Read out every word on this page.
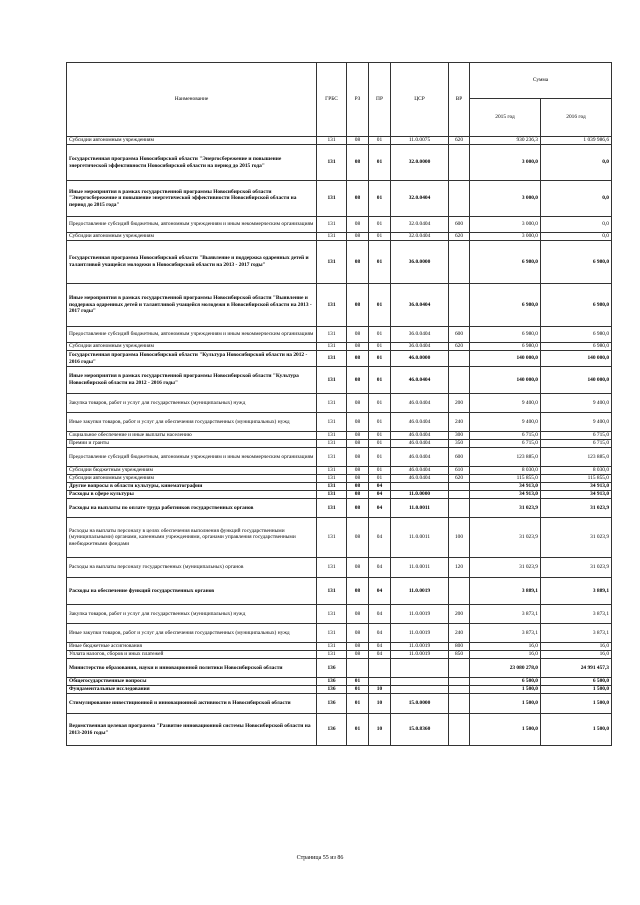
Наименование	ГРБС	РЗ	ПР	ЦСР	ВР	Сумма	
						2015 год	2016 год
Субсидии автономным учреждениям	131	08	01	11.0.0075	620	930 236,3	1 039 986,6
Государственная программа Новосибирской области "Энергосбережение и повышение энергетической эффективности Новосибирской области на период до 2015 года"	131	08	01	32.0.0000		3 000,0	0,0
Иные мероприятия в рамках государственной программы Новосибирской области "Энергосбережение и повышение энергетической эффективности Новосибирской области на период до 2015 года"	131	08	01	32.0.0404		3 000,0	0,0
Предоставление субсидий бюджетным, автономным учреждениям и иным некоммерческим организациям	131	08	01	32.0.0404	600	3 000,0	0,0
Субсидии автономным учреждениям	131	08	01	32.0.0404	620	3 000,0	0,0
Государственная программа Новосибирской области "Выявление и поддержка одаренных детей и талантливой учащейся молодежи в Новосибирской области на 2013 - 2017 годы"	131	08	01	36.0.0000		6 980,0	6 980,0
Иные мероприятия в рамках государственной программы Новосибирской области "Выявление и поддержка одаренных детей и талантливой учащейся молодежи в Новосибирской области на 2013 - 2017 годы"	131	08	01	36.0.0404		6 980,0	6 980,0
Предоставление субсидий бюджетным, автономным учреждениям и иным некоммерческим организациям	131	08	01	36.0.0404	600	6 980,0	6 980,0
Субсидии автономным учреждениям	131	08	01	36.0.0404	620	6 980,0	6 980,0
Государственная программа Новосибирской области "Культура Новосибирской области на 2012 - 2016 годы"	131	08	01	46.0.0000		140 000,0	140 000,0
Иные мероприятия в рамках государственной программы Новосибирской области "Культура Новосибирской области на 2012 - 2016 годы"	131	08	01	46.0.0404		140 000,0	140 000,0
Закупка товаров, работ и услуг для государственных (муниципальных) нужд	131	08	01	46.0.0404	200	9 400,0	9 400,0
Иные закупки товаров, работ и услуг для обеспечения государственных (муниципальных) нужд	131	08	01	46.0.0404	240	9 400,0	9 400,0
Социальное обеспечение и иные выплаты населению	131	08	01	46.0.0404	300	6 715,0	6 715,0
Премии и гранты	131	08	01	46.0.0404	350	6 715,0	6 715,0
Предоставление субсидий бюджетным, автономным учреждениям и иным некоммерческим организациям	131	08	01	46.0.0404	600	123 885,0	123 885,0
Субсидии бюджетным учреждениям	131	08	01	46.0.0404	610	8 030,0	8 030,0
Субсидии автономным учреждениям	131	08	01	46.0.0404	620	115 855,0	115 855,0
Другие вопросы в области культуры, кинематографии	131	08	04			34 913,0	34 913,0
Расходы в сфере культуры	131	08	04	11.0.0000		34 913,0	34 913,0
Расходы на выплаты по оплате труда работников государственных органов	131	08	04	11.0.0011		31 023,9	31 023,9
Расходы на выплаты персоналу в целях обеспечения выполнения функций государственными (муниципальными) органами, казенными учреждениями, органами управления государственными внебюджетными фондами	131	08	04	11.0.0011	100	31 023,9	31 023,9
Расходы на выплаты персоналу государственных (муниципальных) органов	131	08	04	11.0.0011	120	31 023,9	31 023,9
Расходы на обеспечение функций государственных органов	131	08	04	11.0.0019		3 889,1	3 889,1
Закупка товаров, работ и услуг для государственных (муниципальных) нужд	131	08	04	11.0.0019	200	3 873,1	3 873,1
Иные закупки товаров, работ и услуг для обеспечения государственных (муниципальных) нужд	131	08	04	11.0.0019	240	3 873,1	3 873,1
Иные бюджетные ассигнования	131	08	04	11.0.0019	800	16,0	16,0
Уплата налогов, сборов и иных платежей	131	08	04	11.0.0019	850	16,0	16,0
Министерство образования, науки и инновационной политики Новосибирской области	136					23 080 278,0	24 991 457,3
Общегосударственные вопросы	136	01				6 500,0	6 500,0
Фундаментальные исследования	136	01	10			1 500,0	1 500,0
Стимулирование инвестиционной и инновационной активности в Новосибирской области	136	01	10	15.0.0000		1 500,0	1 500,0
Ведомственная целевая программа "Развитие инновационной системы Новосибирской области на 2013-2016 годы"	136	01	10	15.0.8360		1 500,0	1 500,0
Страница 55 из 86
